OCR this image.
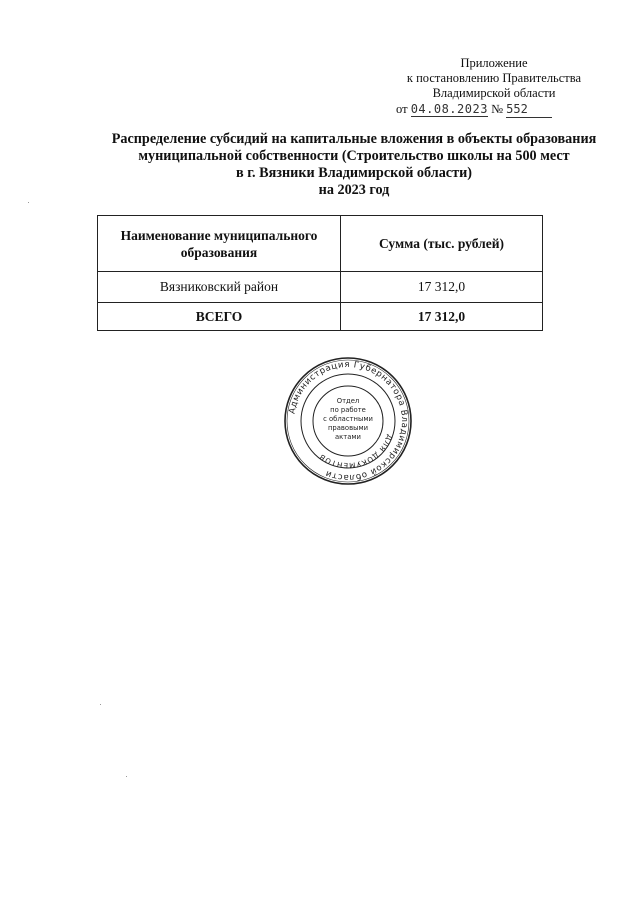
Приложение
к постановлению Правительства
Владимирской области
от 04.08.2023 № 552
Распределение субсидий на капитальные вложения в объекты образования
муниципальной собственности (Строительство школы на 500 мест
в г. Вязники Владимирской области)
на 2023 год
Наименование муниципального образования	Сумма (тыс. рублей)
Вязниковский район	17 312,0
ВСЕГО	17 312,0
Администрация Губернатора Владимирской области
ДЛЯ ДОКУМЕНТОВ
Отдел
по работе
с областными
правовыми
актами
